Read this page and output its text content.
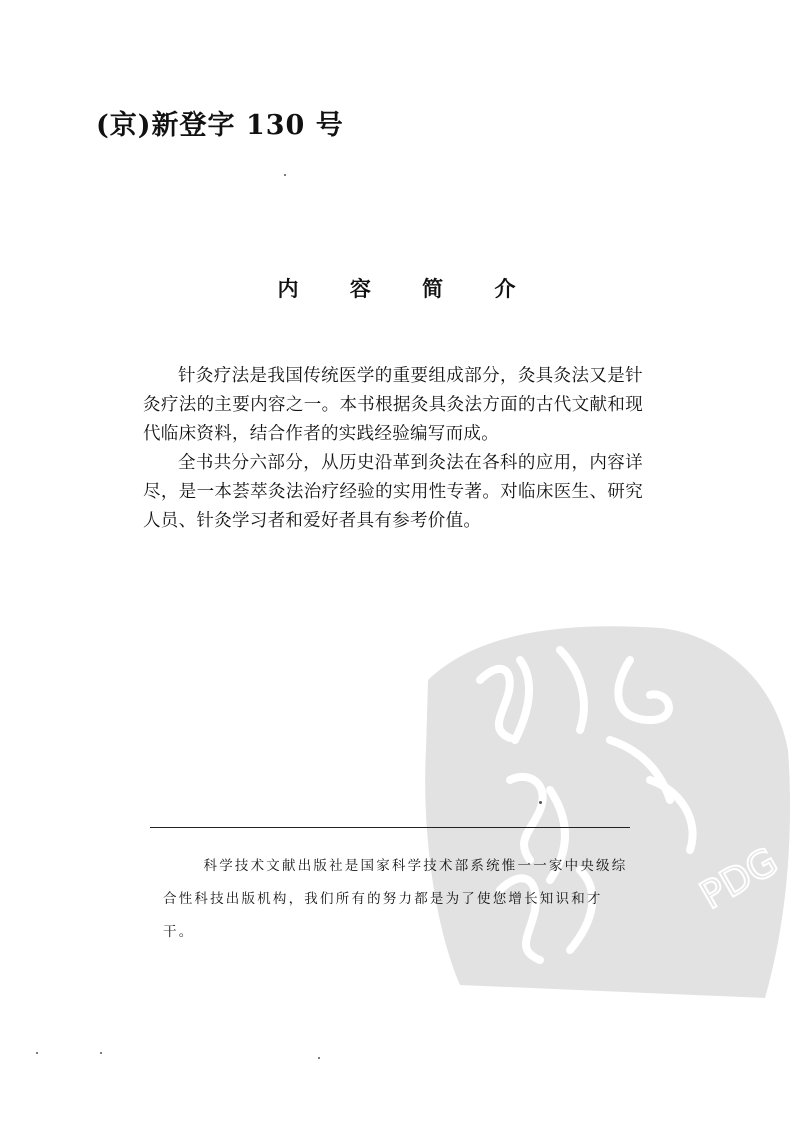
(京)新登字 130 号
内 容 简 介

针灸疗法是我国传统医学的重要组成部分，灸具灸法又是针灸疗法的主要内容之一。本书根据灸具灸法方面的古代文献和现代临床资料，结合作者的实践经验编写而成。

全书共分六部分，从历史沿革到灸法在各科的应用，内容详尽，是一本荟萃灸法治疗经验的实用性专著。对临床医生、研究人员、针灸学习者和爱好者具有参考价值。

PDG

科学技术文献出版社是国家科学技术部系统惟一一家中央级综合性科技出版机构，我们所有的努力都是为了使您增长知识和才干。
